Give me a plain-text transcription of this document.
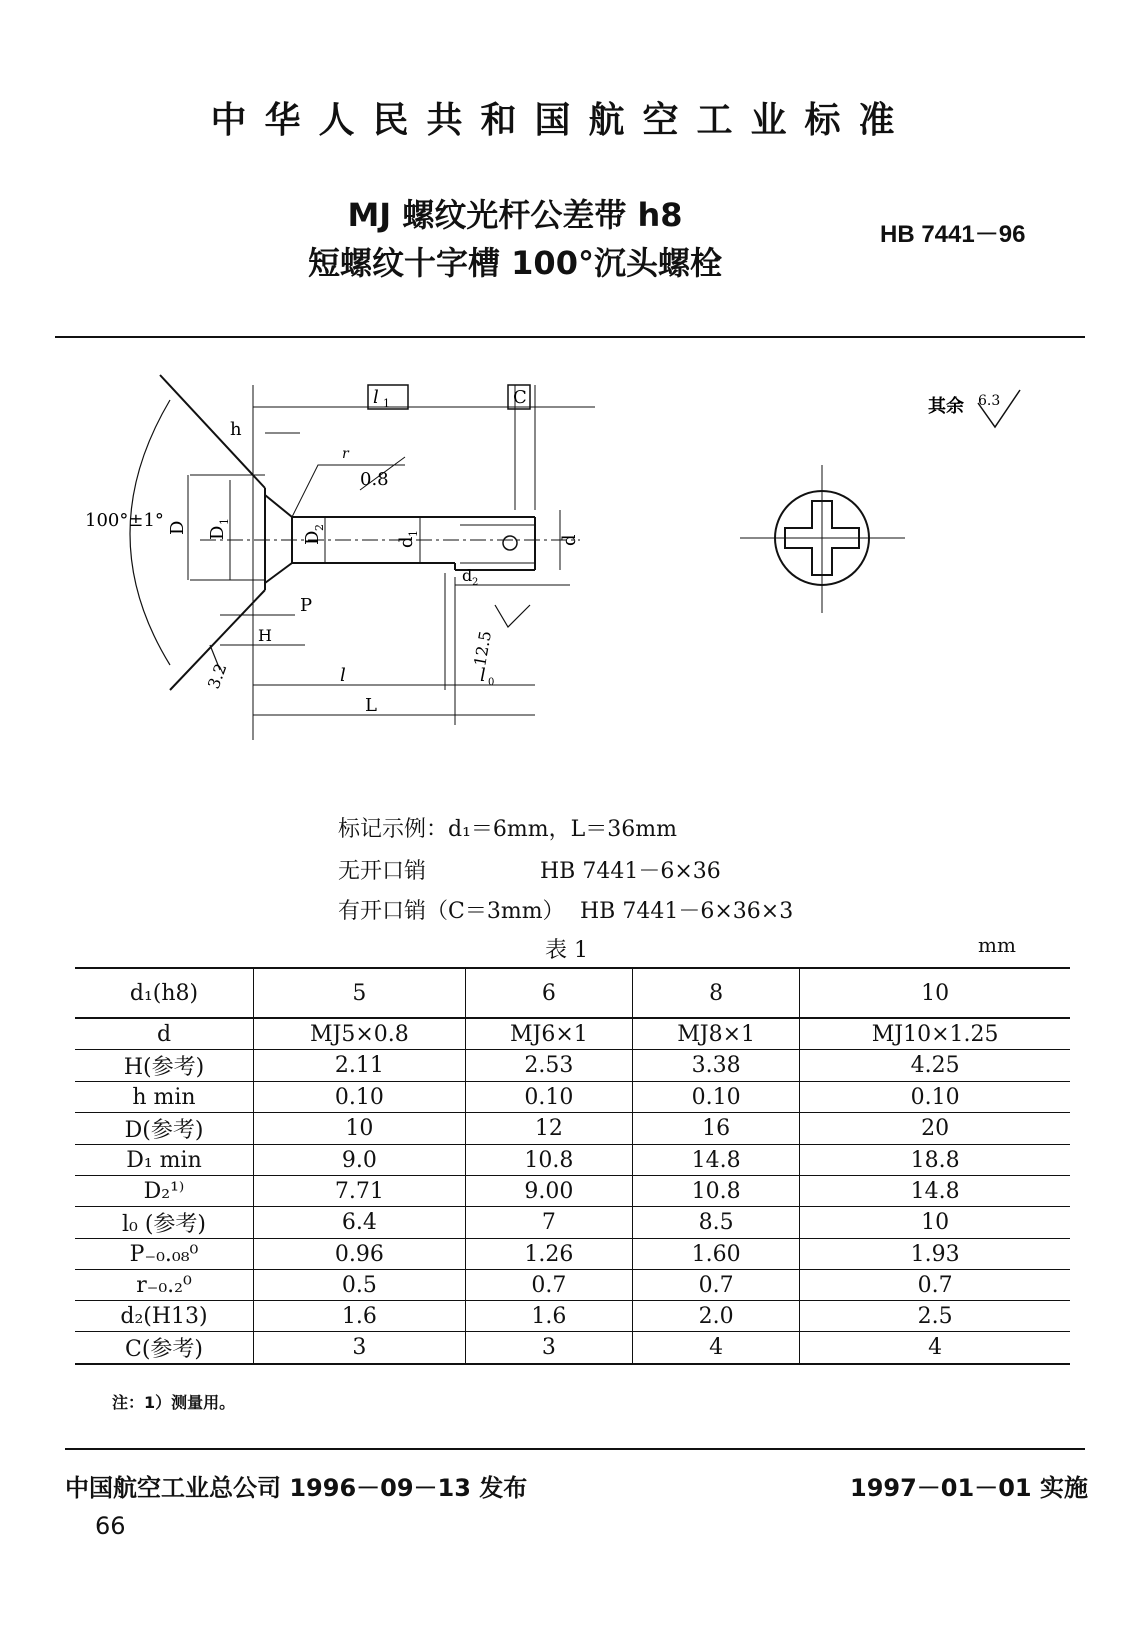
中华人民共和国航空工业标准
MJ 螺纹光杆公差带 h8
短螺纹十字槽 100°沉头螺栓
HB 7441－96
l 1	C
h
r
0.8
100°±1° D D
1
D
2
d
1
d
d 2
P
H
l	l 0
L
3.2
12.5
其余 6.3
标记示例：d₁＝6mm，L＝36mm
无开口销	HB 7441－6×36
有开口销（C＝3mm） HB 7441－6×36×3
表 1	mm
d₁(h8)	5	6	8	10
d	MJ5×0.8	MJ6×1	MJ8×1	MJ10×1.25
H(参考)	2.11	2.53	3.38	4.25
h min	0.10	0.10	0.10	0.10
D(参考)	10	12	16	20
D₁ min	9.0	10.8	14.8	18.8
D₂¹⁾	7.71	9.00	10.8	14.8
l₀ (参考)	6.4	7	8.5	10
P₋₀.₀₈⁰	0.96	1.26	1.60	1.93
r₋₀.₂⁰	0.5	0.7	0.7	0.7
d₂(H13)	1.6	1.6	2.0	2.5
C(参考)	3	3	4	4
注：1）测量用。
中国航空工业总公司 1996－09－13 发布	1997－01－01 实施
66
